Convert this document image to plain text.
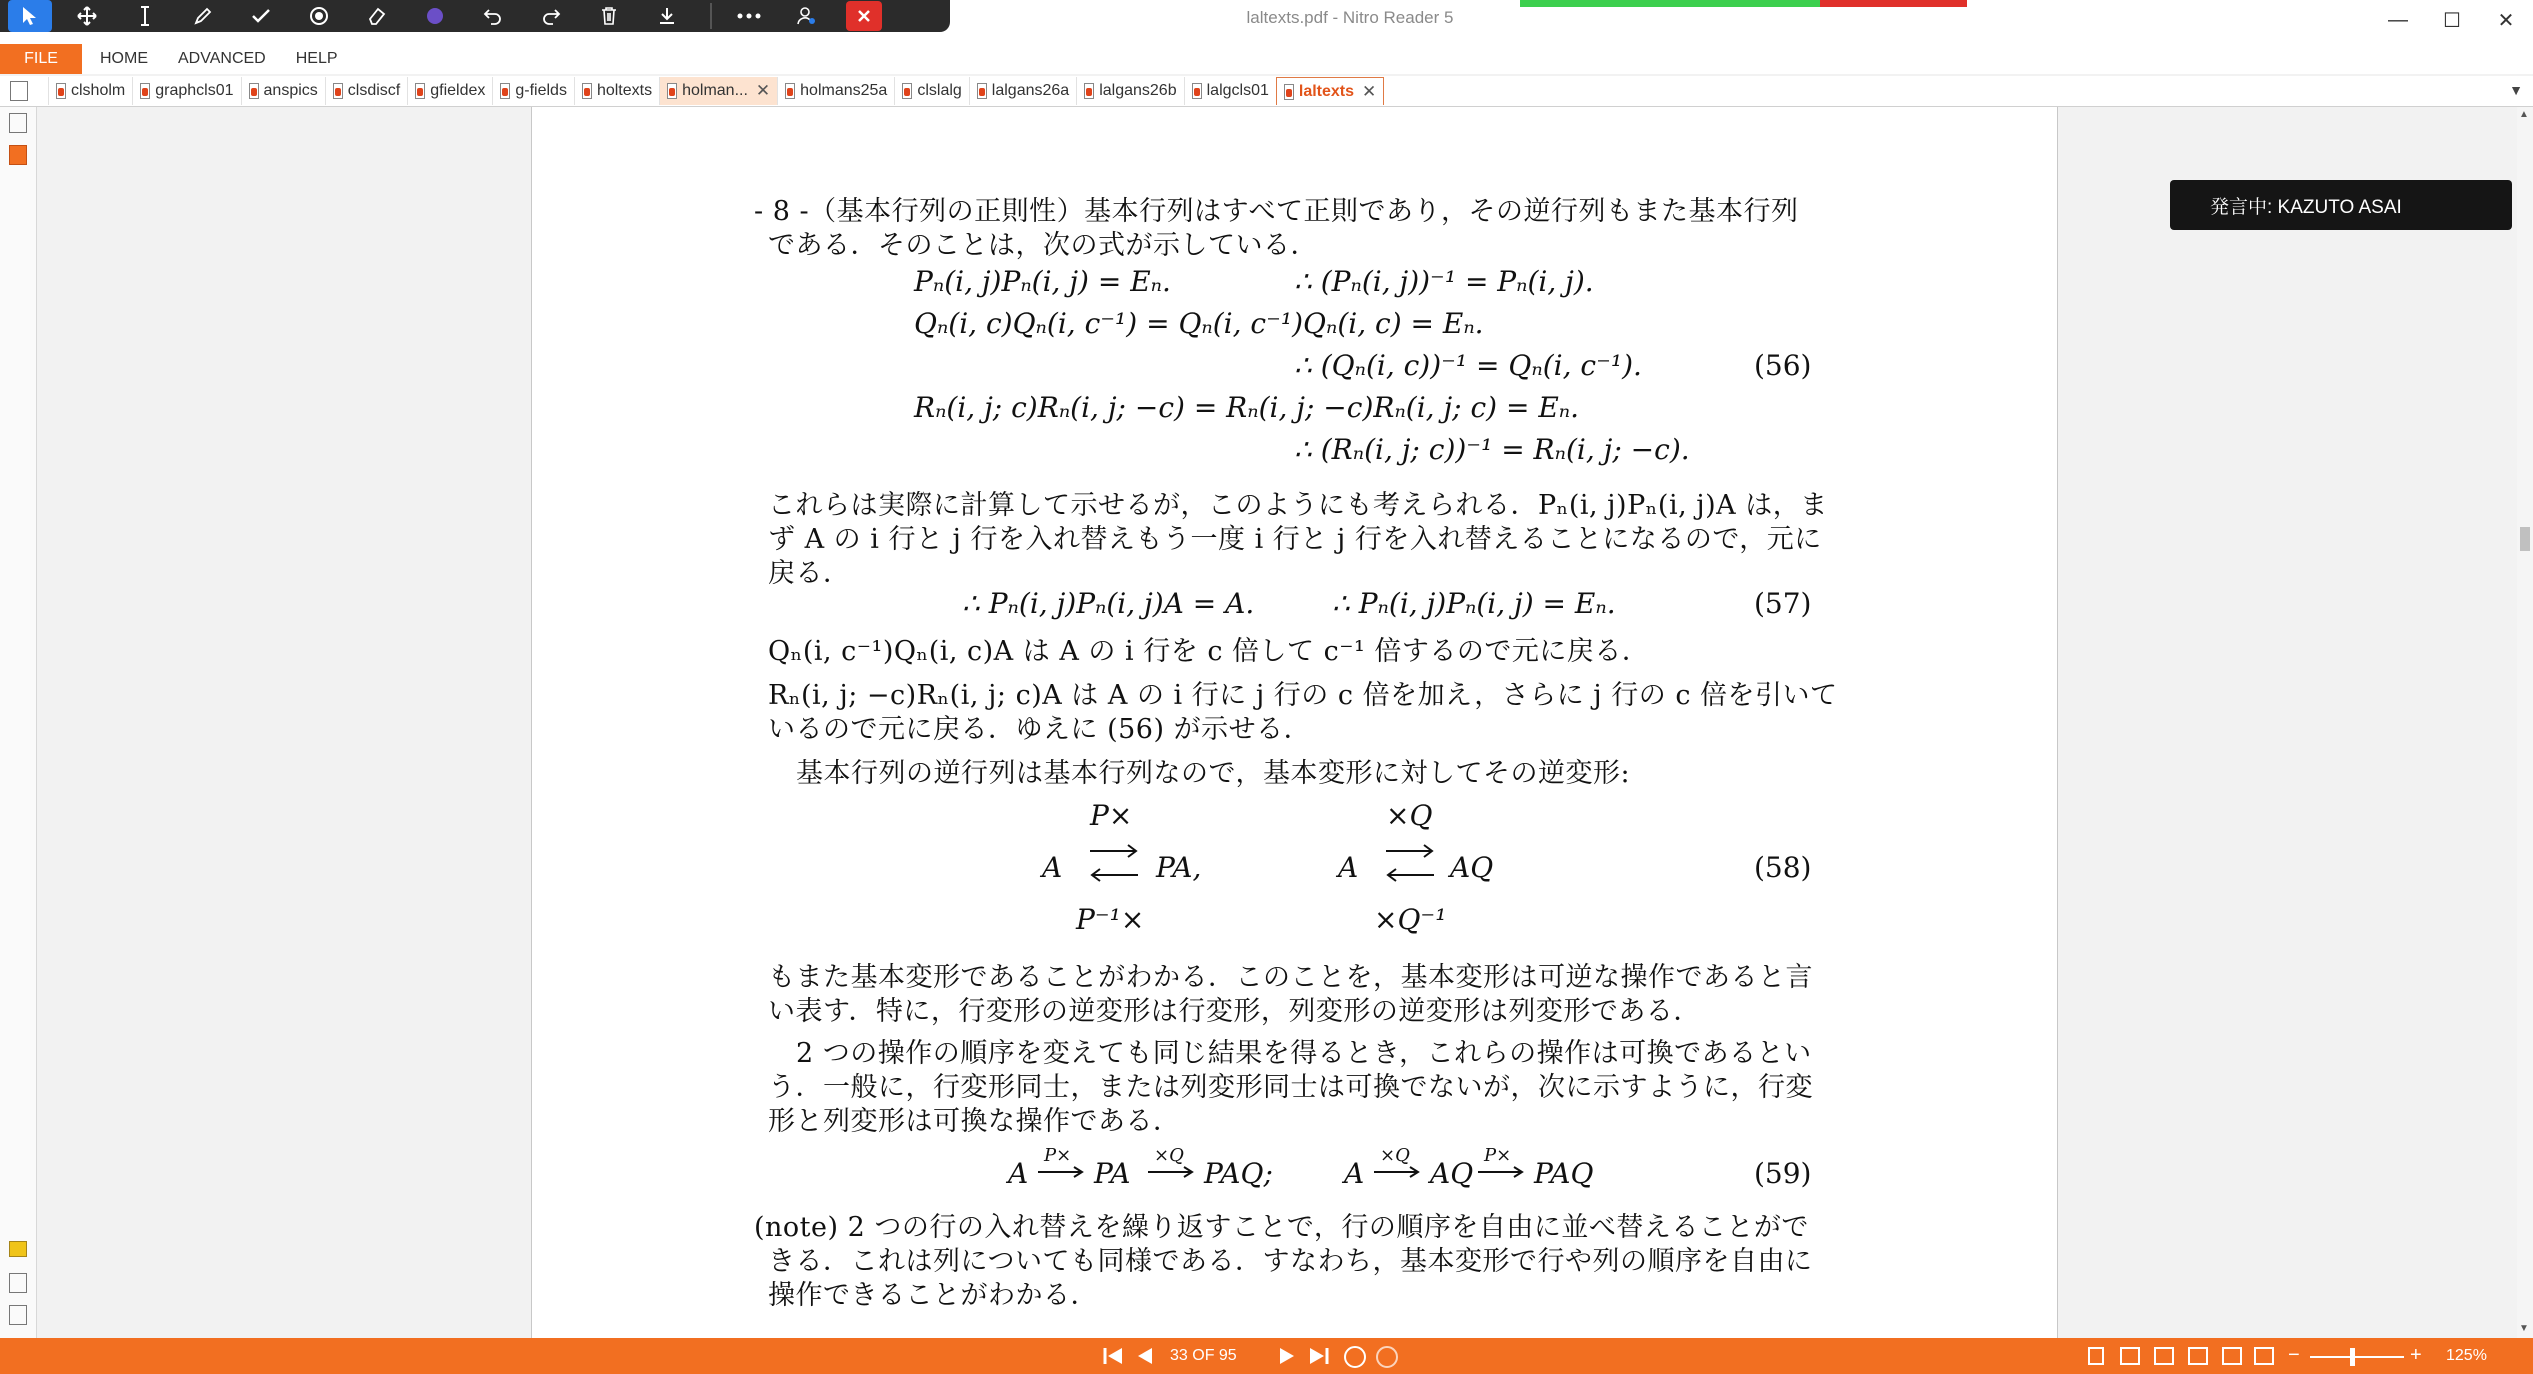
laltexts.pdf - Nitro Reader 5	—	☐	✕
FILE	HOME ADVANCED HELP
clsholm graphcls01 anspics clsdiscf gfieldex g-fields holtexts holman... ✕ holmans25a clslalg lalgans26a lalgans26b lalgcls01 laltexts ✕	▼
- 8 -（基本行列の正則性）基本行列はすべて正則であり，その逆行列もまた基本行列
である．そのことは，次の式が示している．
Pₙ(i, j)Pₙ(i, j) = Eₙ.	∴ (Pₙ(i, j))⁻¹ = Pₙ(i, j).
Qₙ(i, c)Qₙ(i, c⁻¹) = Qₙ(i, c⁻¹)Qₙ(i, c) = Eₙ.
∴ (Qₙ(i, c))⁻¹ = Qₙ(i, c⁻¹).	(56)
Rₙ(i, j; c)Rₙ(i, j; −c) = Rₙ(i, j; −c)Rₙ(i, j; c) = Eₙ.
∴ (Rₙ(i, j; c))⁻¹ = Rₙ(i, j; −c).
これらは実際に計算して示せるが，このようにも考えられる．Pₙ(i, j)Pₙ(i, j)A は，ま
ず A の i 行と j 行を入れ替えもう一度 i 行と j 行を入れ替えることになるので，元に
戻る．
∴ Pₙ(i, j)Pₙ(i, j)A = A.	∴ Pₙ(i, j)Pₙ(i, j) = Eₙ.	(57)
Qₙ(i, c⁻¹)Qₙ(i, c)A は A の i 行を c 倍して c⁻¹ 倍するので元に戻る．
Rₙ(i, j; −c)Rₙ(i, j; c)A は A の i 行に j 行の c 倍を加え，さらに j 行の c 倍を引いて
いるので元に戻る．ゆえに (56) が示せる．
基本行列の逆行列は基本行列なので，基本変形に対してその逆変形:
P×
A	PA,
P⁻¹×
×Q
A	AQ
×Q⁻¹
(58)
もまた基本変形であることがわかる．このことを，基本変形は可逆な操作であると言
い表す．特に，行変形の逆変形は行変形，列変形の逆変形は列変形である．
2 つの操作の順序を変えても同じ結果を得るとき，これらの操作は可換であるとい
う．一般に，行変形同士，または列変形同士は可換でないが，次に示すように，行変
形と列変形は可換な操作である．
A
P×
PA
×Q
PAQ;	A
×Q
AQ
P×
PAQ	(59)
(note) 2 つの行の入れ替えを繰り返すことで，行の順序を自由に並べ替えることがで
きる．これは列についても同様である．すなわち，基本変形で行や列の順序を自由に
操作できることがわかる．
▲
▼
発言中: KAZUTO ASAI
33 OF 95	−	+ 125%
